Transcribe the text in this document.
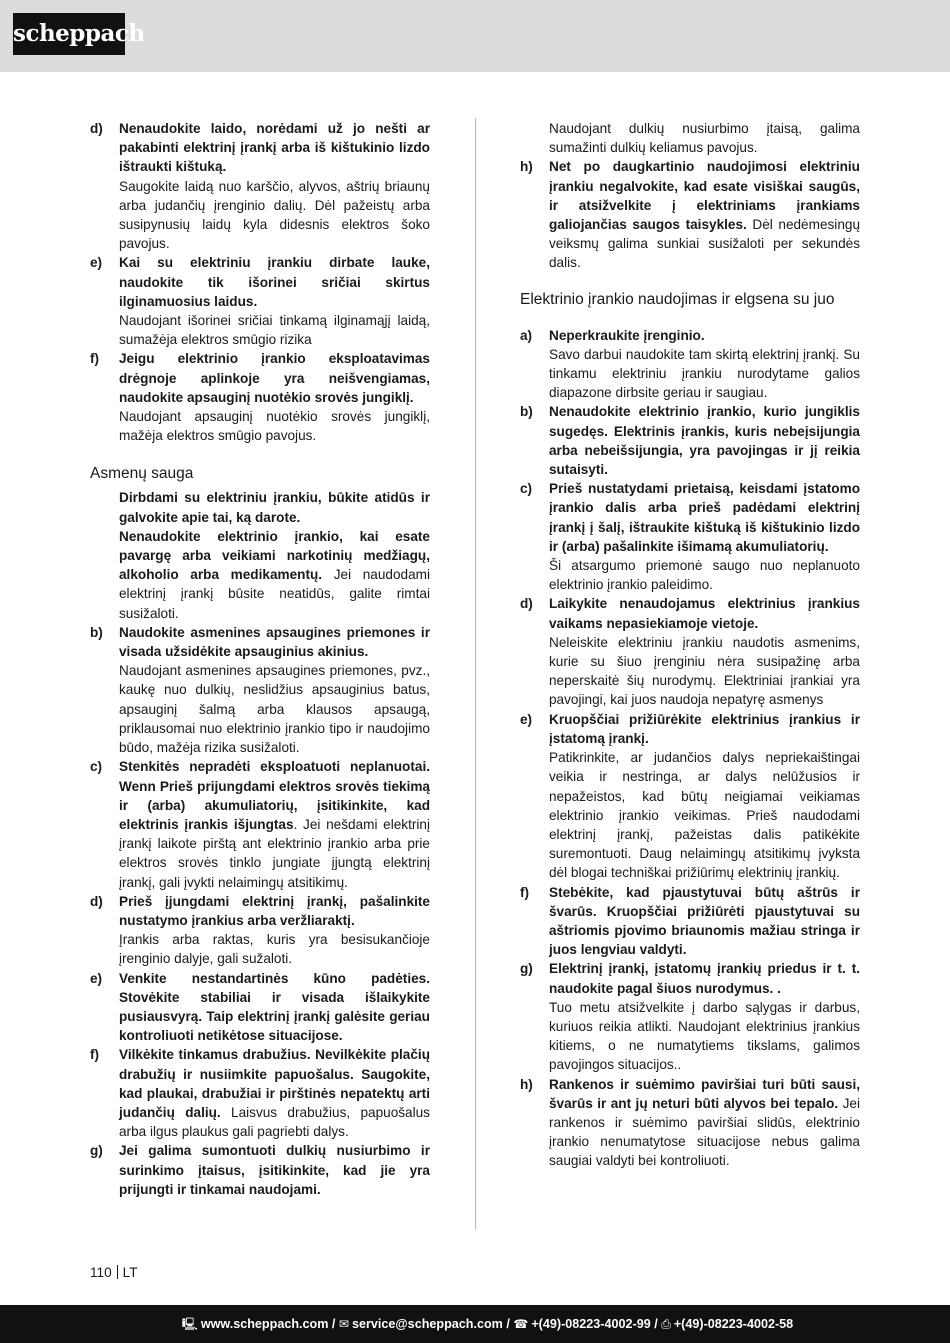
scheppach
d)	Nenaudokite laido, norėdami už jo nešti ar pakabinti elektrinį įrankį arba iš kištukinio lizdo ištraukti kištuką.
Saugokite laidą nuo karščio, alyvos, aštrių briaunų arba judančių įrenginio dalių. Dėl pažeistų arba susipynusių laidų kyla didesnis elektros šoko pavojus.
e)	Kai su elektriniu įrankiu dirbate lauke, naudokite tik išorinei sričiai skirtus ilginamuosius laidus.
Naudojant išorinei sričiai tinkamą ilginamąjį laidą, sumažėja elektros smūgio rizika
f)	Jeigu elektrinio įrankio eksploatavimas drėgnoje aplinkoje yra neišvengiamas, naudokite apsauginį nuotėkio srovės jungiklį.
Naudojant apsauginį nuotėkio srovės jungiklį, mažėja elektros smūgio pavojus.
Asmenų sauga
Dirbdami su elektriniu įrankiu, būkite atidūs ir galvokite apie tai, ką darote.
Nenaudokite elektrinio įrankio, kai esate pavargę arba veikiami narkotinių medžiagų, alkoholio arba medikamentų. Jei naudodami elektrinį įrankį būsite neatidūs, galite rimtai susižaloti.
b)	Naudokite asmenines apsaugines priemones ir visada užsidėkite apsauginius akinius.
Naudojant asmenines apsaugines priemones, pvz., kaukę nuo dulkių, neslidžius apsauginius batus, apsauginį šalmą arba klausos apsaugą, priklausomai nuo elektrinio įrankio tipo ir naudojimo būdo, mažėja rizika susižaloti.
c)	Stenkitės nepradėti eksploatuoti neplanuotai. Wenn Prieš prijungdami elektros srovės tiekimą ir (arba) akumuliatorių, įsitikinkite, kad elektrinis įrankis išjungtas. Jei nešdami elektrinį įrankį laikote pirštą ant elektrinio įrankio arba prie elektros srovės tinklo jungiate įjungtą elektrinį įrankį, gali įvykti nelaimingų atsitikimų.
d)	Prieš įjungdami elektrinį įrankį, pašalinkite nustatymo įrankius arba veržliaraktį.
Įrankis arba raktas, kuris yra besisukančioje įrenginio dalyje, gali sužaloti.
e)	Venkite nestandartinės kūno padėties. Stovėkite stabiliai ir visada išlaikykite pusiausvyrą. Taip elektrinį įrankį galėsite geriau kontroliuoti netikėtose situacijose.
f)	Vilkėkite tinkamus drabužius. Nevilkėkite plačių drabužių ir nusiimkite papuošalus. Saugokite, kad plaukai, drabužiai ir pirštinės nepatektų arti judančių dalių. Laisvus drabužius, papuošalus arba ilgus plaukus gali pagriebti dalys.
g)	Jei galima sumontuoti dulkių nusiurbimo ir surinkimo įtaisus, įsitikinkite, kad jie yra prijungti ir tinkamai naudojami.
Naudojant dulkių nusiurbimo įtaisą, galima sumažinti dulkių keliamus pavojus.
h)	Net po daugkartinio naudojimosi elektriniu įrankiu negalvokite, kad esate visiškai saugūs, ir atsižvelkite į elektriniams įrankiams galiojančias saugos taisykles. Dėl nedėmesingų veiksmų galima sunkiai susižaloti per sekundės dalis.
Elektrinio įrankio naudojimas ir elgsena su juo
a)	Neperkraukite įrenginio.
Savo darbui naudokite tam skirtą elektrinį įrankį. Su tinkamu elektriniu įrankiu nurodytame galios diapazone dirbsite geriau ir saugiau.
b)	Nenaudokite elektrinio įrankio, kurio jungiklis sugedęs. Elektrinis įrankis, kuris nebeįsijungia arba nebeišsijungia, yra pavojingas ir jį reikia sutaisyti.
c)	Prieš nustatydami prietaisą, keisdami įstatomo įrankio dalis arba prieš padėdami elektrinį įrankį į šalį, ištraukite kištuką iš kištukinio lizdo ir (arba) pašalinkite išimamą akumuliatorių.
Ši atsargumo priemonė saugo nuo neplanuoto elektrinio įrankio paleidimo.
d)	Laikykite nenaudojamus elektrinius įrankius vaikams nepasiekiamoje vietoje.
Neleiskite elektriniu įrankiu naudotis asmenims, kurie su šiuo įrenginiu nėra susipažinę arba neperskaitė šių nurodymų. Elektriniai įrankiai yra pavojingi, kai juos naudoja nepatyrę asmenys
e)	Kruopščiai prižiūrėkite elektrinius įrankius ir įstatomą įrankį.
Patikrinkite, ar judančios dalys nepriekaištingai veikia ir nestringa, ar dalys nelūžusios ir nepažeistos, kad būtų neigiamai veikiamas elektrinio įrankio veikimas. Prieš naudodami elektrinį įrankį, pažeistas dalis patikėkite suremontuoti. Daug nelaimingų atsitikimų įvyksta dėl blogai techniškai prižiūrimų elektrinių įrankių.
f)	Stebėkite, kad pjaustytuvai būtų aštrūs ir švarūs. Kruopščiai prižiūrėti pjaustytuvai su aštriomis pjovimo briaunomis mažiau stringa ir juos lengviau valdyti.
g)	Elektrinį įrankį, įstatomų įrankių priedus ir t. t. naudokite pagal šiuos nurodymus. .
Tuo metu atsižvelkite į darbo sąlygas ir darbus, kuriuos reikia atlikti. Naudojant elektrinius įrankius kitiems, o ne numatytiems tikslams, galimos pavojingos situacijos..
h)	Rankenos ir suėmimo paviršiai turi būti sausi, švarūs ir ant jų neturi būti alyvos bei tepalo. Jei rankenos ir suėmimo paviršiai slidūs, elektrinio įrankio nenumatytose situacijose nebus galima saugiai valdyti bei kontroliuoti.
110 LT
🖳 www.scheppach.com / ✉ service@scheppach.com / ☎ +(49)-08223-4002-99 / ⎙ +(49)-08223-4002-58
